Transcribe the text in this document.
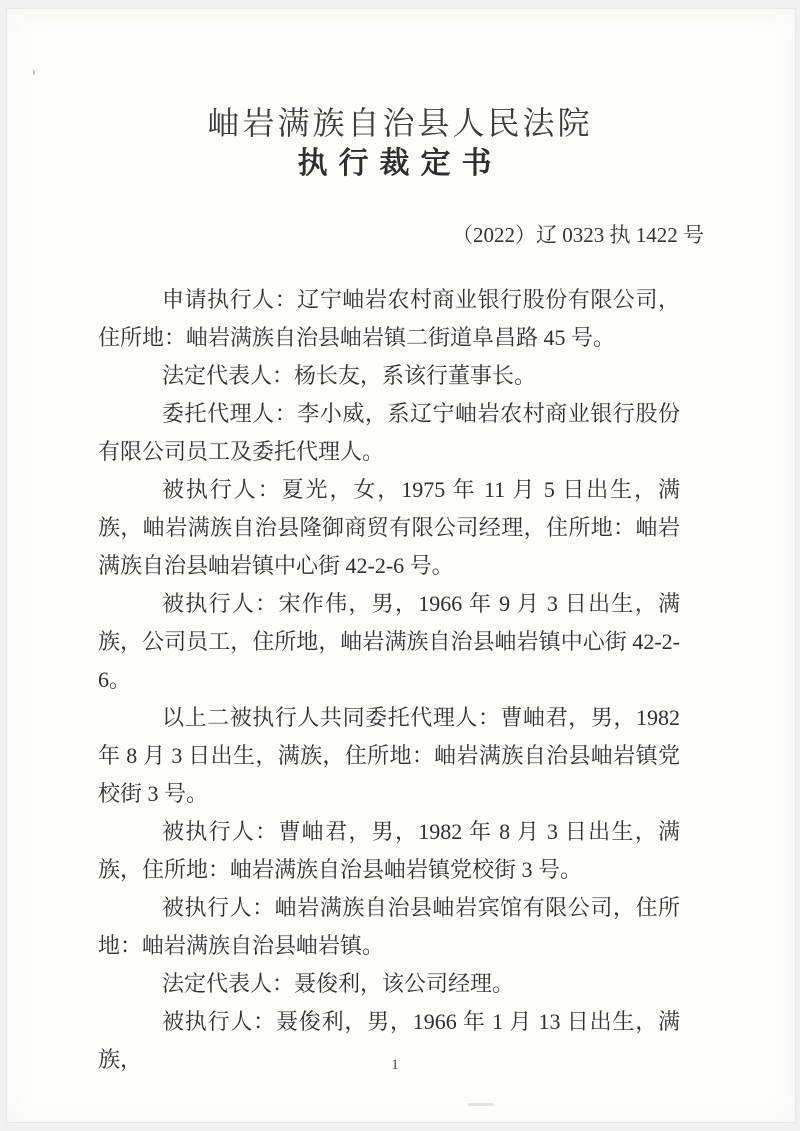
岫岩满族自治县人民法院
执行裁定书
（2022）辽 0323 执 1422 号

申请执行人：辽宁岫岩农村商业银行股份有限公司，住所地：岫岩满族自治县岫岩镇二街道阜昌路 45 号。

法定代表人：杨长友，系该行董事长。

委托代理人：李小威，系辽宁岫岩农村商业银行股份有限公司员工及委托代理人。

被执行人：夏光，女，1975 年 11 月 5 日出生，满族，岫岩满族自治县隆御商贸有限公司经理，住所地：岫岩满族自治县岫岩镇中心街 42-2-6 号。

被执行人：宋作伟，男，1966 年 9 月 3 日出生，满族，公司员工，住所地，岫岩满族自治县岫岩镇中心街 42-2-6。

以上二被执行人共同委托代理人：曹岫君，男，1982 年 8 月 3 日出生，满族，住所地：岫岩满族自治县岫岩镇党校街 3 号。

被执行人：曹岫君，男，1982 年 8 月 3 日出生，满族，住所地：岫岩满族自治县岫岩镇党校街 3 号。

被执行人：岫岩满族自治县岫岩宾馆有限公司，住所地：岫岩满族自治县岫岩镇。

法定代表人：聂俊利，该公司经理。

被执行人：聂俊利，男，1966 年 1 月 13 日出生，满族，	1
